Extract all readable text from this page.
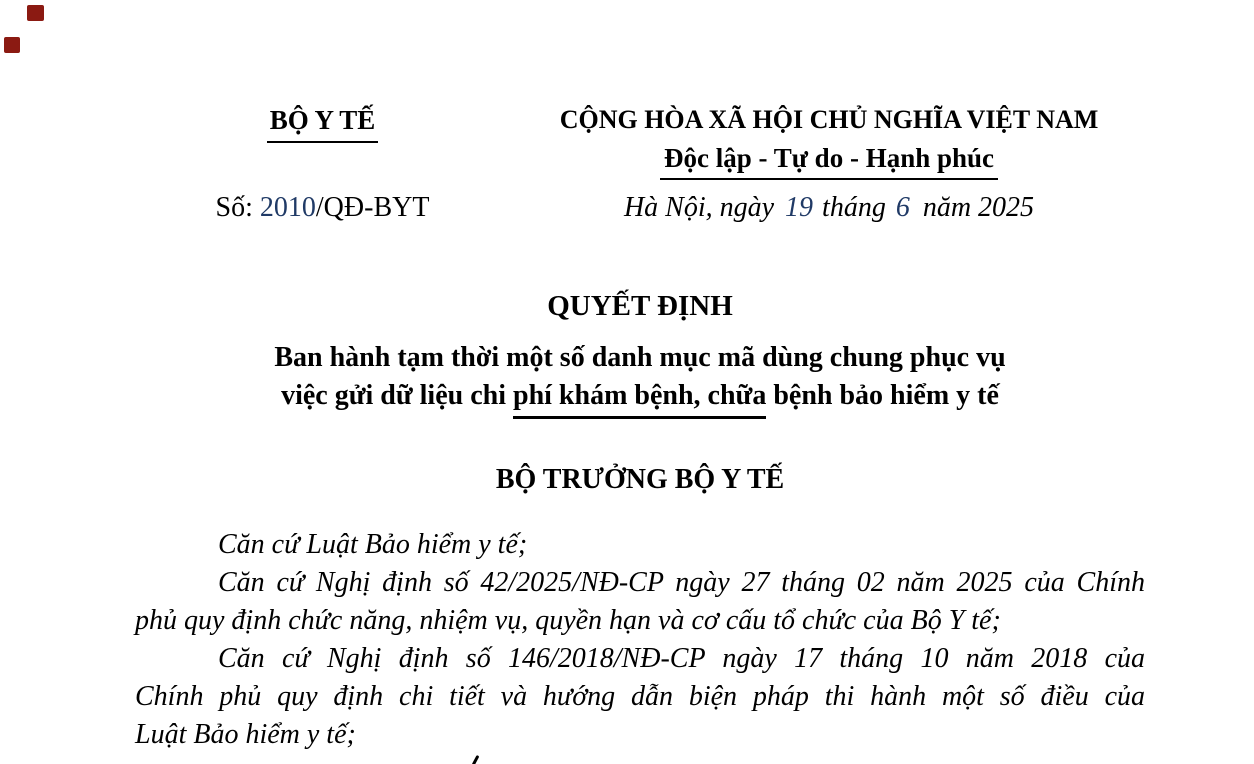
BỘ Y TẾ
Số: 2010/QĐ-BYT
CỘNG HÒA XÃ HỘI CHỦ NGHĨA VIỆT NAM
Độc lập - Tự do - Hạnh phúc
Hà Nội, ngày 19 tháng 6 năm 2025
QUYẾT ĐỊNH
Ban hành tạm thời một số danh mục mã dùng chung phục vụ
việc gửi dữ liệu chi phí khám bệnh, chữa bệnh bảo hiểm y tế
BỘ TRƯỞNG BỘ Y TẾ
Căn cứ Luật Bảo hiểm y tế;
Căn cứ Nghị định số 42/2025/NĐ-CP ngày 27 tháng 02 năm 2025 của Chính
phủ quy định chức năng, nhiệm vụ, quyền hạn và cơ cấu tổ chức của Bộ Y tế;
Căn cứ Nghị định số 146/2018/NĐ-CP ngày 17 tháng 10 năm 2018 của
Chính phủ quy định chi tiết và hướng dẫn biện pháp thi hành một số điều của
Luật Bảo hiểm y tế;
